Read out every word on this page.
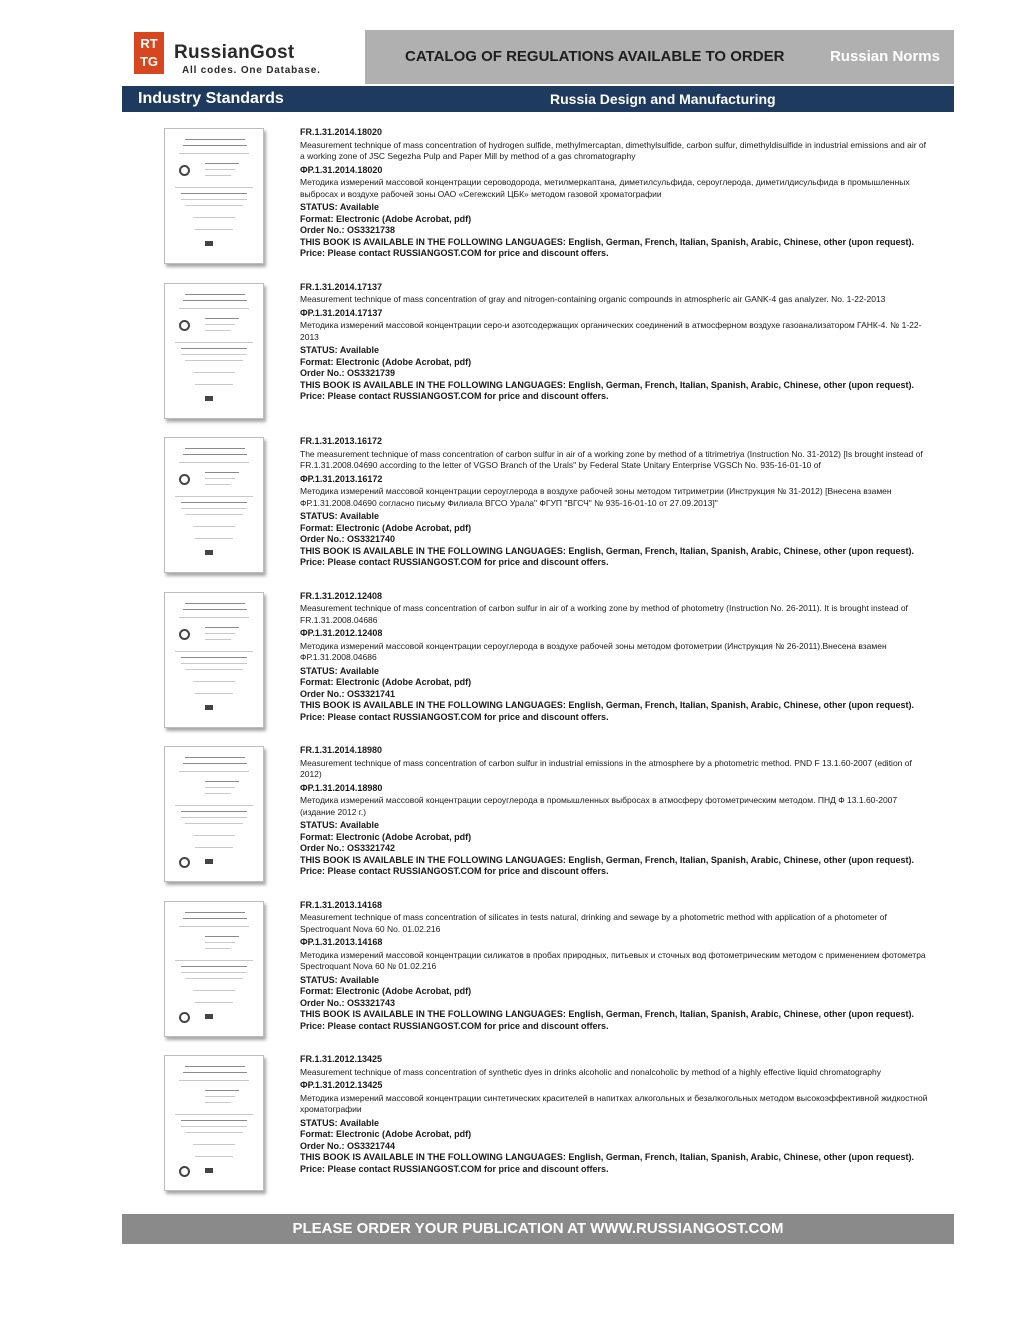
RT TG RussianGost
All codes. One Database.
CATALOG OF REGULATIONS AVAILABLE TO ORDER	Russian Norms
Industry Standards	Russia Design and Manufacturing
FR.1.31.2014.18020
Measurement technique of mass concentration of hydrogen sulfide, methylmercaptan, dimethylsulfide, carbon sulfur, dimethyldisulfide in industrial emissions and air of a working zone of JSC Segezha Pulp and Paper Mill by method of a gas chromatography
ФР.1.31.2014.18020
Методика измерений массовой концентрации сероводорода, метилмеркаптана, диметилсульфида, сероуглерода, диметилдисульфида в промышленных выбросах и воздухе рабочей зоны ОАО «Сегежский ЦБК» методом газовой хроматографии
STATUS: Available
Format: Electronic (Adobe Acrobat, pdf)
Order No.: OS3321738
THIS BOOK IS AVAILABLE IN THE FOLLOWING LANGUAGES: English, German, French, Italian, Spanish, Arabic, Chinese, other (upon request).
Price: Please contact RUSSIANGOST.COM for price and discount offers.
FR.1.31.2014.17137
Measurement technique of mass concentration of gray and nitrogen-containing organic compounds in atmospheric air GANK-4 gas analyzer. No. 1-22-2013
ФР.1.31.2014.17137
Методика измерений массовой концентрации серо-и азотсодержащих органических соединений в атмосферном воздухе газоанализатором ГАНК-4. № 1-22-2013
STATUS: Available
Format: Electronic (Adobe Acrobat, pdf)
Order No.: OS3321739
THIS BOOK IS AVAILABLE IN THE FOLLOWING LANGUAGES: English, German, French, Italian, Spanish, Arabic, Chinese, other (upon request).
Price: Please contact RUSSIANGOST.COM for price and discount offers.
FR.1.31.2013.16172
The measurement technique of mass concentration of carbon sulfur in air of a working zone by method of a titrimetriya (Instruction No. 31-2012) [Is brought instead of FR.1.31.2008.04690 according to the letter of VGSO Branch of the Urals" by Federal State Unitary Enterprise VGSCh No. 935-16-01-10 of
ФР.1.31.2013.16172
Методика измерений массовой концентрации сероуглерода в воздухе рабочей зоны методом титриметрии (Инструкция № 31-2012) [Внесена взамен ФР.1.31.2008.04690 согласно письму Филиала ВГСО Урала" ФГУП "ВГСЧ" № 935-16-01-10 от 27.09.2013]"
STATUS: Available
Format: Electronic (Adobe Acrobat, pdf)
Order No.: OS3321740
THIS BOOK IS AVAILABLE IN THE FOLLOWING LANGUAGES: English, German, French, Italian, Spanish, Arabic, Chinese, other (upon request).
Price: Please contact RUSSIANGOST.COM for price and discount offers.
FR.1.31.2012.12408
Measurement technique of mass concentration of carbon sulfur in air of a working zone by method of photometry (Instruction No. 26-2011). It is brought instead of FR.1.31.2008.04686
ФР.1.31.2012.12408
Методика измерений массовой концентрации сероуглерода в воздухе рабочей зоны методом фотометрии (Инструкция № 26-2011).Внесена взамен ФР.1.31.2008.04686
STATUS: Available
Format: Electronic (Adobe Acrobat, pdf)
Order No.: OS3321741
THIS BOOK IS AVAILABLE IN THE FOLLOWING LANGUAGES: English, German, French, Italian, Spanish, Arabic, Chinese, other (upon request).
Price: Please contact RUSSIANGOST.COM for price and discount offers.
FR.1.31.2014.18980
Measurement technique of mass concentration of carbon sulfur in industrial emissions in the atmosphere by a photometric method. PND F 13.1.60-2007 (edition of 2012)
ФР.1.31.2014.18980
Методика измерений массовой концентрации сероуглерода в промышленных выбросах в атмосферу фотометрическим методом. ПНД Ф 13.1.60-2007 (издание 2012 г.)
STATUS: Available
Format: Electronic (Adobe Acrobat, pdf)
Order No.: OS3321742
THIS BOOK IS AVAILABLE IN THE FOLLOWING LANGUAGES: English, German, French, Italian, Spanish, Arabic, Chinese, other (upon request).
Price: Please contact RUSSIANGOST.COM for price and discount offers.
FR.1.31.2013.14168
Measurement technique of mass concentration of silicates in tests natural, drinking and sewage by a photometric method with application of a photometer of Spectroquant Nova 60 No. 01.02.216
ФР.1.31.2013.14168
Методика измерений массовой концентрации силикатов в пробах природных, питьевых и сточных вод фотометрическим методом с применением фотометра Spectroquant Nova 60 № 01.02.216
STATUS: Available
Format: Electronic (Adobe Acrobat, pdf)
Order No.: OS3321743
THIS BOOK IS AVAILABLE IN THE FOLLOWING LANGUAGES: English, German, French, Italian, Spanish, Arabic, Chinese, other (upon request).
Price: Please contact RUSSIANGOST.COM for price and discount offers.
FR.1.31.2012.13425
Measurement technique of mass concentration of synthetic dyes in drinks alcoholic and nonalcoholic by method of a highly effective liquid chromatography
ФР.1.31.2012.13425
Методика измерений массовой концентрации синтетических красителей в напитках алкогольных и безалкогольных методом высокоэффективной жидкостной хроматографии
STATUS: Available
Format: Electronic (Adobe Acrobat, pdf)
Order No.: OS3321744
THIS BOOK IS AVAILABLE IN THE FOLLOWING LANGUAGES: English, German, French, Italian, Spanish, Arabic, Chinese, other (upon request).
Price: Please contact RUSSIANGOST.COM for price and discount offers.
PLEASE ORDER YOUR PUBLICATION AT WWW.RUSSIANGOST.COM
